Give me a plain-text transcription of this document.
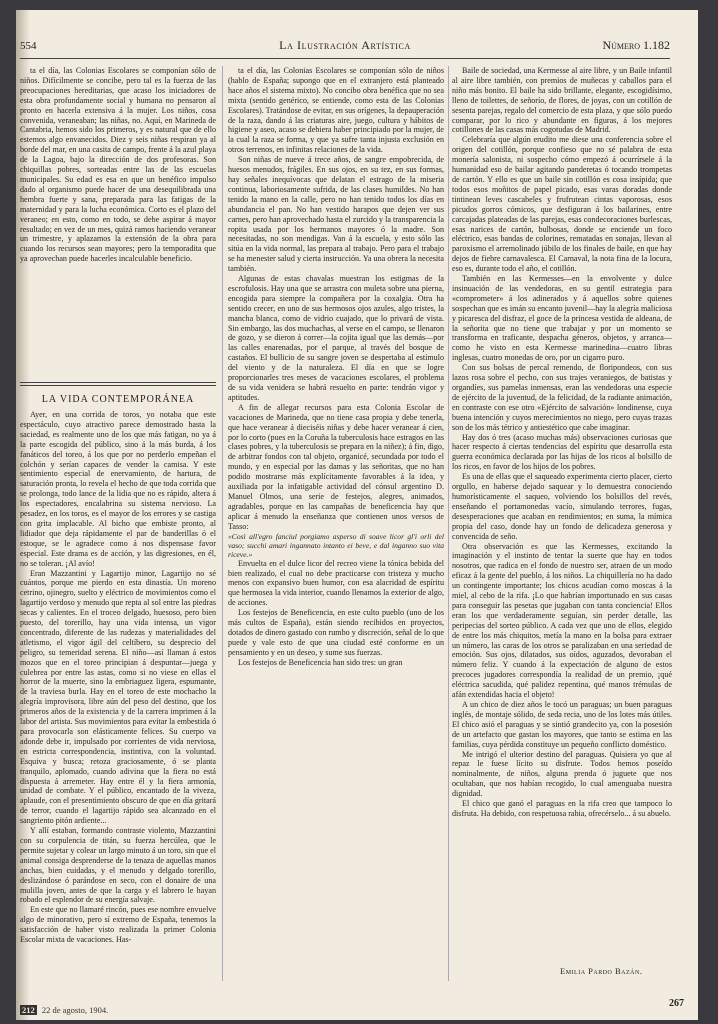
554	La Ilustración Artística	Número 1.182

ta el día, las Colonias Escolares se componían sólo de niños. Difícilmente se concibe, pero tal es la fuerza de las preocupaciones hereditarias, que acaso los iniciadores de esta obra profundamente social y humana no pensaron al pronto en hacerla extensiva á la mujer. Los niños, cosa convenida, veraneaban; las niñas, no. Aquí, en Marineda de Cantabria, hemos sido los primeros, y es natural que de ello estemos algo envanecidos. Diez y seis niñas respiran ya al borde del mar, en una casita de campo, frente á la azul playa de la Lagoa, bajo la dirección de dos profesoras. Son chiquillas pobres, sorteadas entre las de las escuelas municipales. Su edad es esa en que un benéfico impulso dado al organismo puede hacer de una desequilibrada una hembra fuerte y sana, preparada para las fatigas de la maternidad y para la lucha económica. Corto es el plazo del veraneo; en esto, como en todo, se debe aspirar á mayor resultado; en vez de un mes, quizá ramos haciendo veranear un trimestre, y aplazamos la extensión de la obra para cuando los recursos sean mayores; pero la temporadita que ya aprovechan puede hacerles incalculable beneficio.

LA VIDA CONTEMPORÁNEA

Ayer, en una corrida de toros, yo notaba que este espectáculo, cuyo atractivo parece demostrado hasta la saciedad, es realmente uno de los que más fatigan, no ya á la parte escogida del público, sino á la más burda, á los fanáticos del toreo, á los que por no perderlo empeñan el colchón y serían capaces de vender la camisa. Y este sentimiento especial de enervamiento, de hartura, de saturación pronta, lo revela el hecho de que toda corrida que se prolonga, todo lance de la lidia que no es rápido, altera á los espectadores, encalabrina su sistema nervioso. La pesadez, en los toros, es el mayor de los errores y se castiga con grita implacable. Al bicho que embiste pronto, al lidiador que deja rápidamente el par de banderillas ó el estoque, se le agradece como á nos dispensase favor especial. Este drama es de acción, y las digresiones, en él, no se toleran. ¡Al avío!

Eran Mazzantini y Lagartijo minor, Lagartijo no sé cuántos, porque me pierdo en esta dinastía. Un moreno cetrino, ojinegro, suelto y eléctrico de movimientos como el lagartijo verdoso y menudo que repta al sol entre las piedras secas y calientes. En el troceo delgado, huesoso, pero bien puesto, del torerillo, hay una vida intensa, un vigor concentrado, diferente de las rudezas y materialidades del atletismo, el vigor ágil del celtíbero, su desprecio del peligro, su temeridad serena. El niño—así llaman á estos mozos que en el toreo principian á despuntar—juega y culebrea por entre las astas, como si no viese en ellas el horror de la muerte, sino la embriaguez ligera, espumante, de la traviesa burla. Hay en el toreo de este mochacho la alegría improvisora, libre aún del peso del destino, que los primeros años de la existencia y de la carrera imprimen á la labor del artista. Sus movimientos para evitar la embestida ó para provocarla son elásticamente felices. Su cuerpo va adonde debe ir, impulsado por corrientes de vida nerviosa, en estricta correspondencia, instintiva, con la voluntad. Esquiva y busca; retoza graciosamente, ó se planta tranquilo, aplomado, cuando adivina que la fiera no está dispuesta á arremeter. Hay entre él y la fiera armonía, unidad de combate. Y el público, encantado de la viveza, aplaude, con el presentimiento obscuro de que en día gritará de terror, cuando el lagartijo rápido sea alcanzado en el sangriento pitón ardiente...

Y allí estaban, formando contraste violento, Mazzantini con su corpulencia de titán, su fuerza hercúlea, que le permite sujetar y colear un largo minuto á un toro, sin que el animal consiga desprenderse de la tenaza de aquellas manos anchas, bien cuidadas, y el menudo y delgado torerillo, deslizándose ó parándose en seco, con el donaire de una mulilla joven, antes de que la carga y el labrero le hayan robado el esplendor de su energía salvaje.

En este que no llamaré rincón, pues ese nombre envuelve algo de minorativo, pero sí extremo de España, tenemos la satisfacción de haber visto realizada la primer Colonia Escolar mixta de vacaciones. Has-

ta el día, las Colonias Escolares se componían sólo de niños (hablo de España; supongo que en el extranjero está planteado hace años el sistema mixto). No concibo obra benéfica que no sea mixta (sentido genérico, se entiende, como esta de las Colonias Escolares). Tratándose de evitar, en sus orígenes, la depauperación de la raza, dando á las criaturas aire, juego, cultura y hábitos de higiene y aseo, acaso se debiera haber principiado por la mujer, de la cual la raza se forma, y que ya sufre tanta injusta exclusión en otros terrenos, en infinitas relaciones de la vida.

Son niñas de nueve á trece años, de sangre empobrecida, de huesos menudos, frágiles. En sus ojos, en su tez, en sus formas, hay señales inequívocas que delatan el estrago de la miseria continua, laboriosamente sufrida, de las clases humildes. No han tenido la mano en la calle, pero no han tenido todos los días en abundancia el pan. No han vestido harapos que dejen ver sus carnes, pero han aprovechado hasta el zurcido y la transparencia la ropita usada por los hermanos mayores ó la madre. Son necesitadas, no son mendigas. Van á la escuela, y esto sólo las sitúa en la vida normal, las prepara al trabajo. Pero para el trabajo se ha menester salud y cierta instrucción. Ya una obrera la necesita también.

Algunas de estas chavalas muestran los estigmas de la escrofulosis. Hay una que se arrastra con muleta sobre una pierna, encogida para siempre la compañera por la coxalgia. Otra ha sentido crecer, en uno de sus hermosos ojos azules, algo tristes, la mancha blanca, como de vidrio cuajado, que lo privará de vista. Sin embargo, las dos muchachas, al verse en el campo, se llenaron de gozo, y se dieron á correr—la cojita igual que las demás—por las calles enarenadas, por el parque, al través del bosque de castaños. El bullicio de su sangre joven se despertaba al estímulo del viento y de la naturaleza. El día en que se logre proporcionarles tres meses de vacaciones escolares, el problema de su vida venidera se habrá resuelto en parte: tendrán vigor y aptitudes.

A fin de allegar recursos para esta Colonia Escolar de vacaciones de Marineda, que no tiene casa propia y debe tenerla, que hace veranear á dieciséis niñas y debe hacer veranear á cien, por lo corto (pues en la Coruña la tuberculosis hace estragos en las clases pobres, y la tuberculosis se prepara en la niñez); á fin, digo, de arbitrar fondos con tal objeto, organicé, secundada por todo el mundo, y en especial por las damas y las señoritas, que no han podido mostrarse más explícitamente favorables á la idea, y auxiliada por la infatigable actividad del cónsul argentino D. Manuel Olmos, una serie de festejos, alegres, animados, agradables, porque en las campañas de beneficencia hay que aplicar á menudo la enseñanza que contienen unos versos de Tasso:

«Così all'egro fanciul porgiamo asperso di soave licor gl'i orli del vaso; succhi amari ingannato intanto ei beve, e dal inganno suo vita riceve.»

Envuelta en el dulce licor del recreo viene la tónica bebida del bien realizado, el cual no debe practicarse con tristeza y mucho menos con expansivo buen humor, con esa alacridad de espíritu que hermosea la vida interior, cuando llenamos la exterior de algo, de acciones.

Los festejos de Beneficencia, en este culto pueblo (uno de los más cultos de España), están siendo recibidos en proyectos, dotados de dinero gastado con rumbo y discreción, señal de lo que puede y vale esto de que una ciudad esté conforme en un pensamiento y en un deseo, y sume sus fuerzas.

Los festejos de Beneficencia han sido tres: un gran

Baile de sociedad, una Kermesse al aire libre, y un Baile infantil al aire libre también, con premios de muñecas y caballos para el niño más bonito. El baile ha sido brillante, elegante, escogidísimo, lleno de toilettes, de señorío, de flores, de joyas, con un cotillón de sesenta parejas, regalo del comercio de esta plaza, y que sólo puedo comparar, por lo rico y abundante en figuras, á los mejores cotillones de las casas más cogotudas de Madrid.

Celebraría que algún erudito me diese una conferencia sobre el origen del cotillón, porque confieso que no sé palabra de esta monería salonista, ni sospecho cómo empezó á ocurrírsele á la humanidad eso de bailar agitando panderetas ó tocando trompetas de cartón. Y ello es que un baile sin cotillón es cosa insípida; que todos esos moñitos de papel picado, esas varas doradas donde tintinean leves cascabeles y frufrutean cintas vaporosas, esos picudos gorros cómicos, que desfiguran á los bailarines, entre carcajadas plateadas de las parejas, esas condecoraciones burlescas, esas narices de cartón, bulbosas, donde se enciende un foco eléctrico, esas bandas de colorines, rematadas en sonajas, llevan al paroxismo el arremolinado júbilo de los finales de baile, en que hay dejos de fiebre carnavalesca. El Carnaval, la nota fina de la locura, eso es, durante todo el año, el cotillón.

También en las Kermesses—en la envolvente y dulce insinuación de las vendedoras, en su gentil estrategia para «comprometer» á los adinerados y á aquellos sobre quienes sospechan que es imán su encanto juvenil—hay la alegría maliciosa y picaresca del disfraz, el goce de la princesa vestida de aldeana, de la señorita que no tiene que trabajar y por un momento se transforma en traficante, despacha géneros, objetos, y arranca—como he visto en esta Kermesse marinedina—cuatro libras inglesas, cuatro monedas de oro, por un cigarro puro.

Con sus bolsas de percal remendo, de floripondeos, con sus lazos rosa sobre el pecho, con sus trajes veraniegos, de batistas y organdíes, sus pamelas inmensas, eran las vendedoras una especie de ejército de la juventud, de la felicidad, de la radiante animación, en contraste con ese otro «Ejército de salvación» londinense, cuya buena intención y cuyos merecimientos no niego, pero cuyas trazas son de los más tétrico y antiestético que cabe imaginar.

Hay dos ó tres (acaso muchas más) observaciones curiosas que hacer respecto á ciertas tendencias del espíritu que desarrolla esta guerra económica declarada por las hijas de los ricos al bolsillo de los ricos, en favor de los hijos de los pobres.

Es una de ellas que el saqueado experimenta cierto placer, cierto orgullo, en haberse dejado saquear y lo demuestra conociendo humorísticamente el saqueo, volviendo los bolsillos del revés, enseñando el portamonedas vacío, simulando terrores, fugas, desesperaciones que acaban en rendimientos; en suma, la mímica propia del caso, donde hay un fondo de delicadeza generosa y convencida de seño.

Otra observación es que las Kermesses, excitando la imaginación y el instinto de tentar la suerte que hay en todos nosotros, que radica en el fondo de nuestro ser, atraen de un modo eficaz á la gente del pueblo, á los niños. La chiquillería no ha dado un contingente importante; los chicos acudían como moscas á la miel, al cebo de la rifa. ¡Lo que habrían importunado en sus casas para conseguir las pesetas que jugaban con tanta conciencia! Ellos eran los que verdaderamente seguían, sin perder detalle, las peripecias del sorteo público. A cada vez que uno de ellos, elegido de entre los más chiquitos, metía la mano en la bolsa para extraer un número, las caras de los otros se paralizaban en una seriedad de emoción. Sus ojos, dilatados, sus oídos, aguzados, devoraban el número feliz. Y cuando á la expectación de alguno de estos precoces jugadores correspondía la realidad de un premio, ¡qué eléctrica sacudida, qué palidez repentina, qué manos trémulas de afán extendidas hacia el objeto!

A un chico de diez años le tocó un paraguas; un buen paraguas inglés, de montaje sólido, de seda recia, uno de los lotes más útiles. El chico asió el paraguas y se sintió grandecito ya, con la posesión de un artefacto que gastan los mayores, que tanto se estima en las familias, cuya pérdida constituye un pequeño conflicto doméstico.

Me intrigó el ulterior destino del paraguas. Quisiera yo que al repaz le fuese lícito su disfrute. Todos hemos poseído nominalmente, de niños, alguna prenda ó juguete que nos ocultaban, que nos habían recogido, lo cual amenguaba nuestra dignidad.

El chico que ganó el paraguas en la rifa creo que tampoco lo disfruta. Ha debido, con respetuosa rabia, ofrecérselo... á su abuelo.

Emilia Pardo Bazán.
212 22 de agosto, 1904.
267
